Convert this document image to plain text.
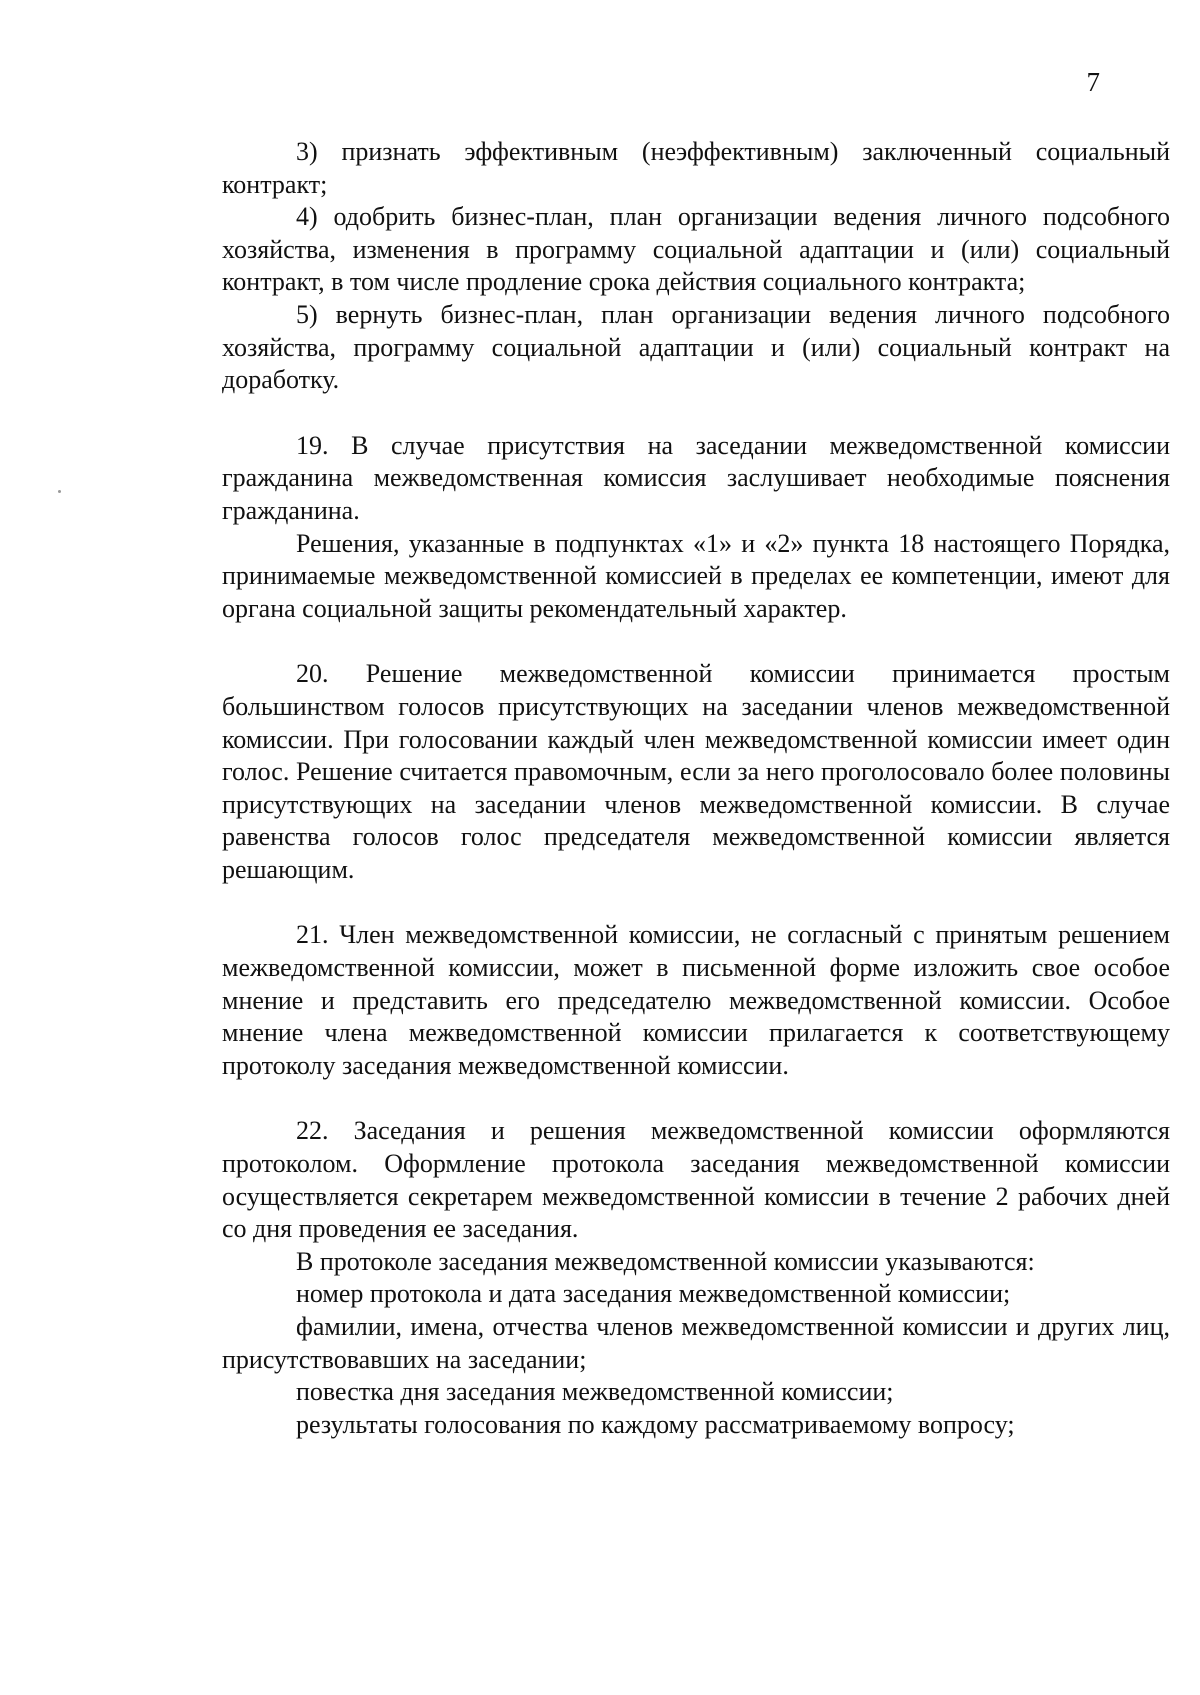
7

3) признать эффективным (неэффективным) заключенный социальный контракт;

4) одобрить бизнес-план, план организации ведения личного подсобного хозяйства, изменения в программу социальной адаптации и (или) социальный контракт, в том числе продление срока действия социального контракта;

5) вернуть бизнес-план, план организации ведения личного подсобного хозяйства, программу социальной адаптации и (или) социальный контракт на доработку.

19. В случае присутствия на заседании межведомственной комиссии гражданина межведомственная комиссия заслушивает необходимые пояснения гражданина.

Решения, указанные в подпунктах «1» и «2» пункта 18 настоящего Порядка, принимаемые межведомственной комиссией в пределах ее компетенции, имеют для органа социальной защиты рекомендательный характер.

20. Решение межведомственной комиссии принимается простым большинством голосов присутствующих на заседании членов межведомственной комиссии. При голосовании каждый член межведомственной комиссии имеет один голос. Решение считается правомочным, если за него проголосовало более половины присутствующих на заседании членов межведомственной комиссии. В случае равенства голосов голос председателя межведомственной комиссии является решающим.

21. Член межведомственной комиссии, не согласный с принятым решением межведомственной комиссии, может в письменной форме изложить свое особое мнение и представить его председателю межведомственной комиссии. Особое мнение члена межведомственной комиссии прилагается к соответствующему протоколу заседания межведомственной комиссии.

22. Заседания и решения межведомственной комиссии оформляются протоколом. Оформление протокола заседания межведомственной комиссии осуществляется секретарем межведомственной комиссии в течение 2 рабочих дней со дня проведения ее заседания.

В протоколе заседания межведомственной комиссии указываются:

номер протокола и дата заседания межведомственной комиссии;

фамилии, имена, отчества членов межведомственной комиссии и других лиц, присутствовавших на заседании;

повестка дня заседания межведомственной комиссии;

результаты голосования по каждому рассматриваемому вопросу;
